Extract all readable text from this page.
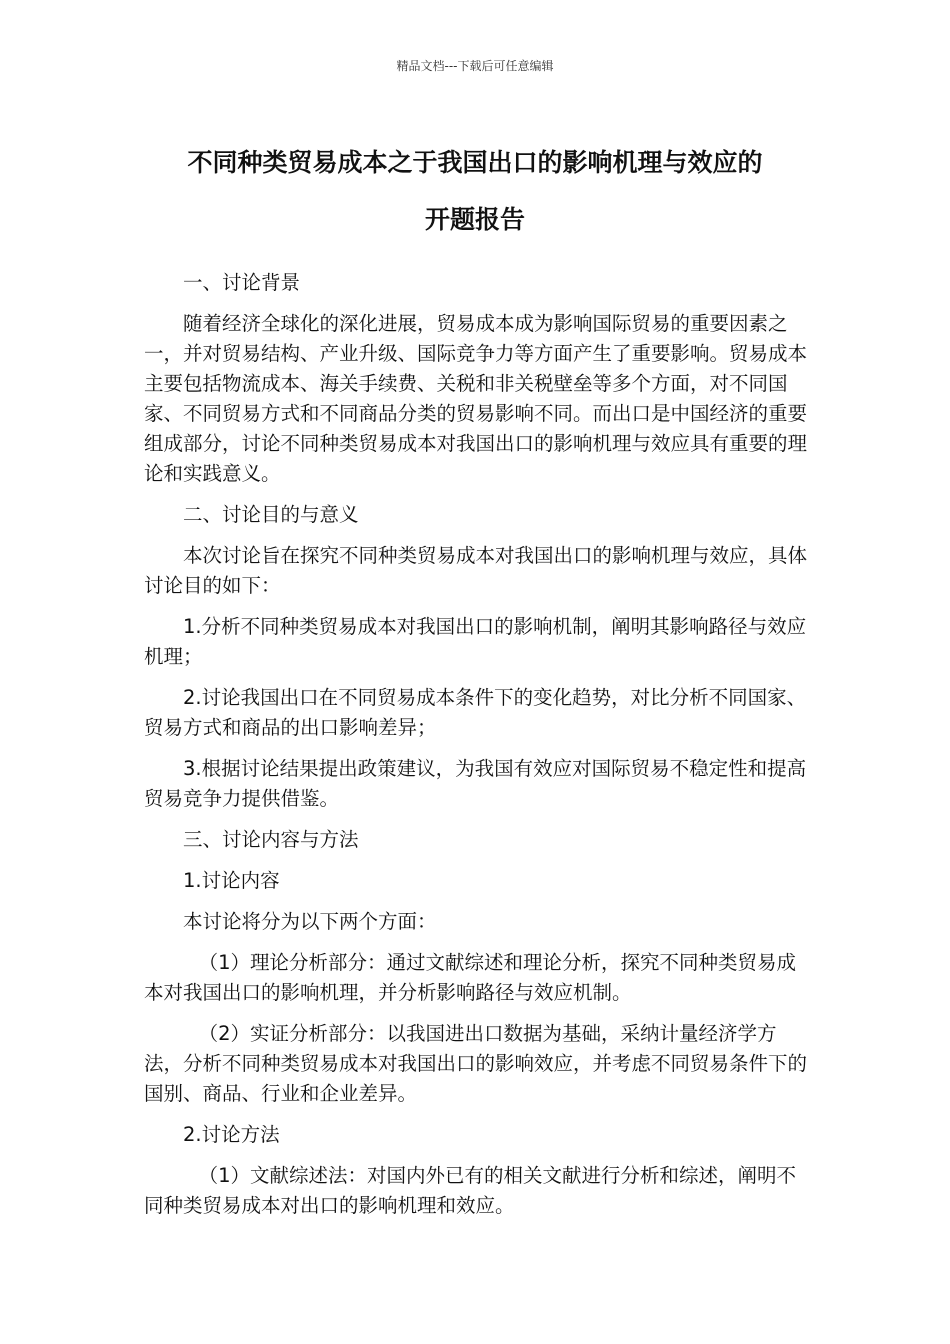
精品文档---下载后可任意编辑
不同种类贸易成本之于我国出口的影响机理与效应的
开题报告

一、讨论背景

随着经济全球化的深化进展，贸易成本成为影响国际贸易的重要因素之一，并对贸易结构、产业升级、国际竞争力等方面产生了重要影响。贸易成本主要包括物流成本、海关手续费、关税和非关税壁垒等多个方面，对不同国家、不同贸易方式和不同商品分类的贸易影响不同。而出口是中国经济的重要组成部分，讨论不同种类贸易成本对我国出口的影响机理与效应具有重要的理论和实践意义。

二、讨论目的与意义

本次讨论旨在探究不同种类贸易成本对我国出口的影响机理与效应，具体讨论目的如下：

1.分析不同种类贸易成本对我国出口的影响机制，阐明其影响路径与效应机理；

2.讨论我国出口在不同贸易成本条件下的变化趋势，对比分析不同国家、贸易方式和商品的出口影响差异；

3.根据讨论结果提出政策建议，为我国有效应对国际贸易不稳定性和提高贸易竞争力提供借鉴。

三、讨论内容与方法

1.讨论内容

本讨论将分为以下两个方面：

（1）理论分析部分：通过文献综述和理论分析，探究不同种类贸易成本对我国出口的影响机理，并分析影响路径与效应机制。

（2）实证分析部分：以我国进出口数据为基础，采纳计量经济学方法，分析不同种类贸易成本对我国出口的影响效应，并考虑不同贸易条件下的国别、商品、行业和企业差异。

2.讨论方法

（1）文献综述法：对国内外已有的相关文献进行分析和综述，阐明不同种类贸易成本对出口的影响机理和效应。
